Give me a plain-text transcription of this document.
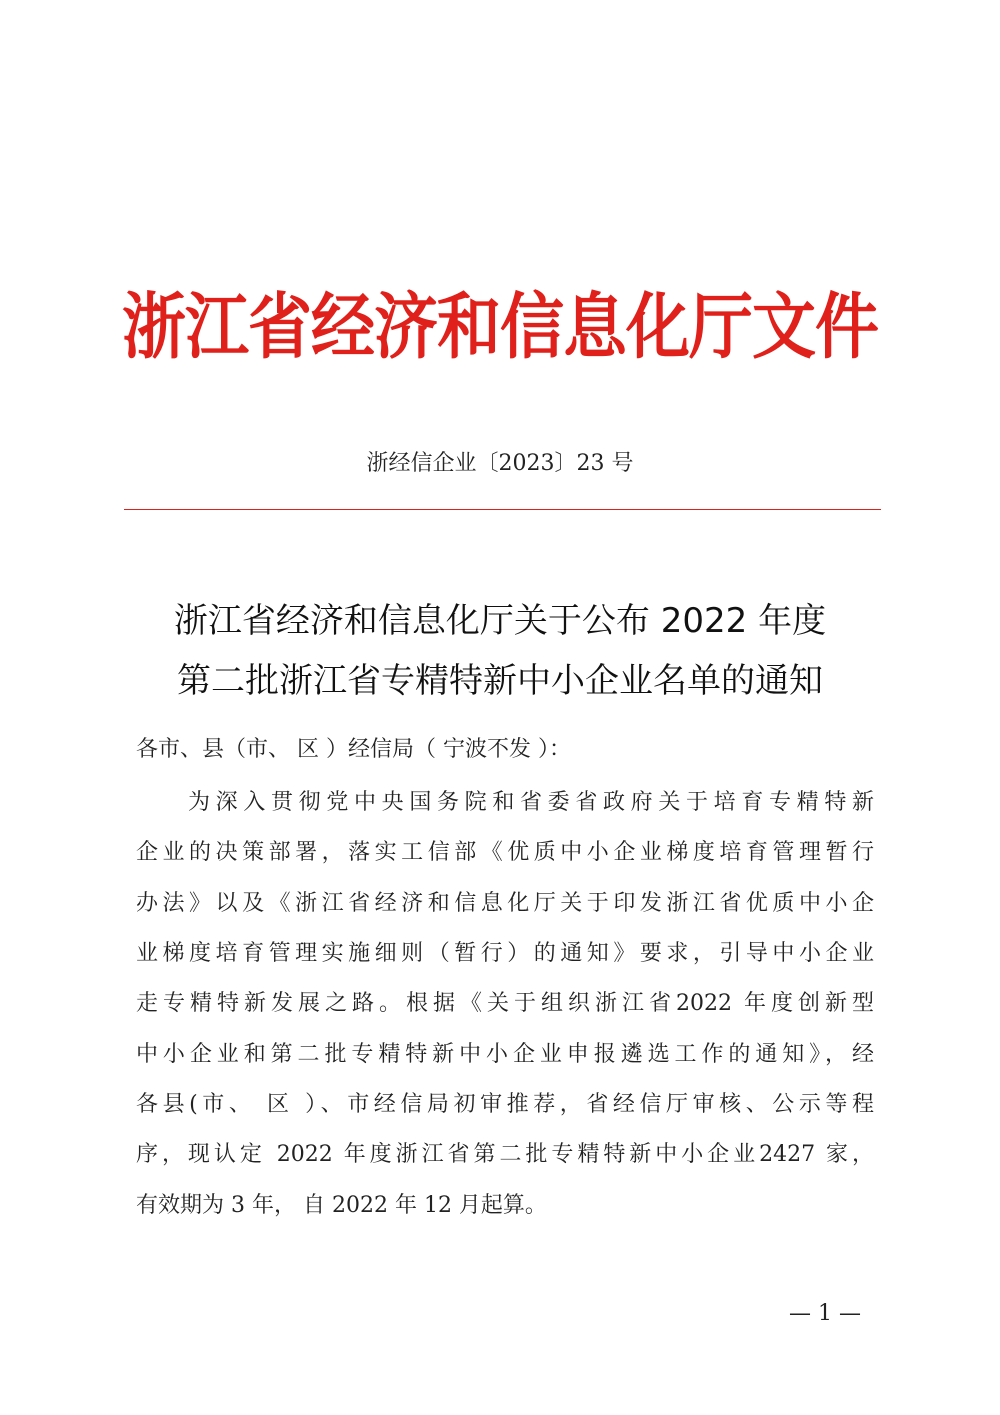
浙江省经济和信息化厅文件
浙经信企业〔2023〕23 号
浙江省经济和信息化厅关于公布 2022 年度
第二批浙江省专精特新中小企业名单的通知
各市、县（市、 区 ）经信局（ 宁波不发 ）：
为深入贯彻党中央国务院和省委省政府关于培育专精特新
企业的决策部署，落实工信部《优质中小企业梯度培育管理暂行
办法》以及《浙江省经济和信息化厅关于印发浙江省优质中小企
业梯度培育管理实施细则（暂行）的通知》要求，引导中小企业
走专精特新发展之路。根据《关于组织浙江省2022 年度创新型
中小企业和第二批专精特新中小企业申报遴选工作的通知》，经
各县(市、 区 ）、市经信局初审推荐，省经信厅审核、公示等程
序，现认定 2022 年度浙江省第二批专精特新中小企业2427 家，
有效期为 3 年， 自 2022 年 12 月起算。
— 1 —
